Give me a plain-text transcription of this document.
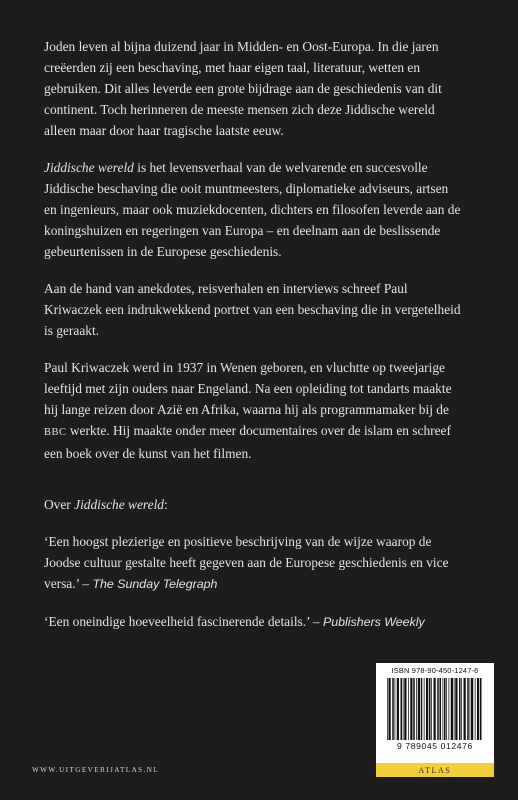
Joden leven al bijna duizend jaar in Midden- en Oost-Europa. In die jaren creëerden zij een beschaving, met haar eigen taal, literatuur, wetten en gebruiken. Dit alles leverde een grote bijdrage aan de geschiedenis van dit continent. Toch herinneren de meeste mensen zich deze Jiddische wereld alleen maar door haar tragische laatste eeuw.

Jiddische wereld is het levensverhaal van de welvarende en succesvolle Jiddische beschaving die ooit muntmeesters, diplomatieke adviseurs, artsen en ingenieurs, maar ook muziekdocenten, dichters en filosofen leverde aan de koningshuizen en regeringen van Europa – en deelnam aan de beslissende gebeurtenissen in de Europese geschiedenis.

Aan de hand van anekdotes, reisverhalen en interviews schreef Paul Kriwaczek een indrukwekkend portret van een beschaving die in vergetelheid is geraakt.

Paul Kriwaczek werd in 1937 in Wenen geboren, en vluchtte op tweejarige leeftijd met zijn ouders naar Engeland. Na een opleiding tot tandarts maakte hij lange reizen door Azië en Afrika, waarna hij als programmamaker bij de BBC werkte. Hij maakte onder meer documentaires over de islam en schreef een boek over de kunst van het filmen.

Over Jiddische wereld:

‘Een hoogst plezierige en positieve beschrijving van de wijze waarop de Joodse cultuur gestalte heeft gegeven aan de Europese geschiedenis en vice versa.’ – The Sunday Telegraph

‘Een oneindige hoeveelheid fascinerende details.’ – Publishers Weekly

WWW.UITGEVERIJATLAS.NL
ISBN 978-90-450-1247-6
9 789045 012476
ATLAS
